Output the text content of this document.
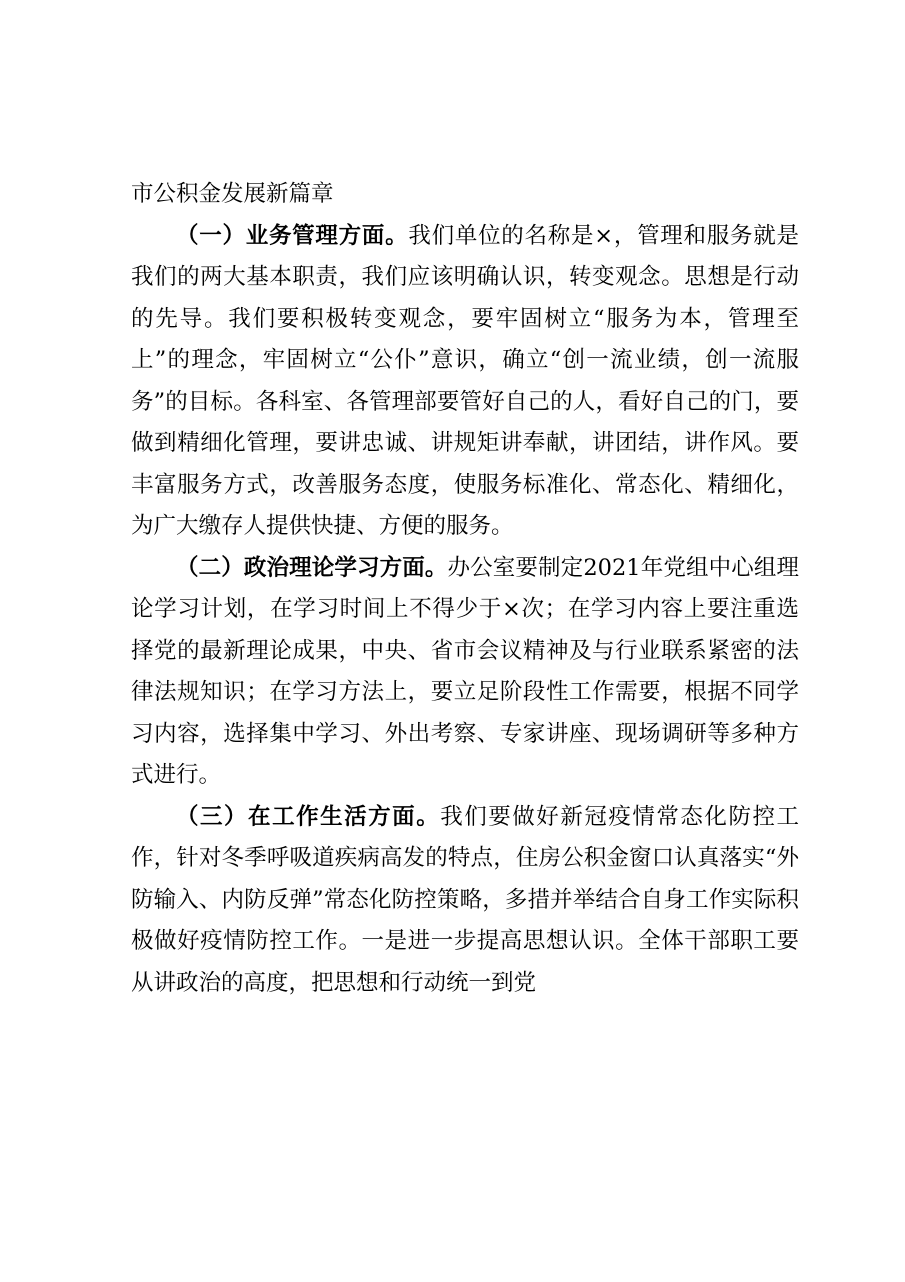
市公积金发展新篇章

（一）业务管理方面。我们单位的名称是×，管理和服务就是我们的两大基本职责，我们应该明确认识，转变观念。思想是行动的先导。我们要积极转变观念，要牢固树立“服务为本，管理至上”的理念，牢固树立“公仆”意识，确立“创一流业绩，创一流服务”的目标。各科室、各管理部要管好自己的人，看好自己的门，要做到精细化管理，要讲忠诚、讲规矩讲奉献，讲团结，讲作风。要丰富服务方式，改善服务态度，使服务标准化、常态化、精细化，为广大缴存人提供快捷、方便的服务。

（二）政治理论学习方面。办公室要制定2021年党组中心组理论学习计划，在学习时间上不得少于×次；在学习内容上要注重选择党的最新理论成果，中央、省市会议精神及与行业联系紧密的法律法规知识；在学习方法上，要立足阶段性工作需要，根据不同学习内容，选择集中学习、外出考察、专家讲座、现场调研等多种方式进行。

（三）在工作生活方面。我们要做好新冠疫情常态化防控工作，针对冬季呼吸道疾病高发的特点，住房公积金窗口认真落实“外防输入、内防反弹”常态化防控策略，多措并举结合自身工作实际积极做好疫情防控工作。一是进一步提高思想认识。全体干部职工要从讲政治的高度，把思想和行动统一到党
